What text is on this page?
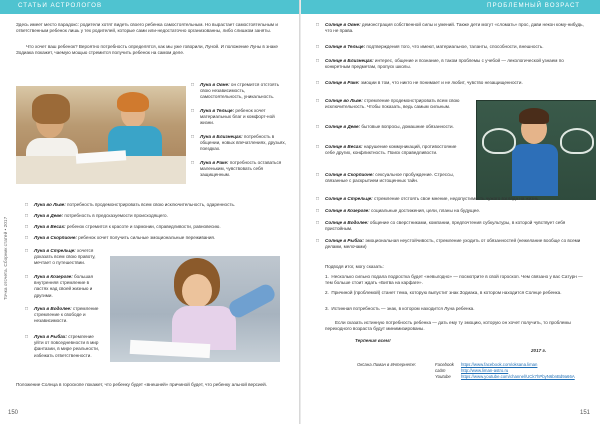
СТАТЬИ АСТРОЛОГОВ
Здесь имеет место парадокс: родители хотят видеть своего ребенка самостоятельным. Но выраcтает самостоятельным и ответственным ребенок лишь у тех родителей, которые сами или-недостаточно организованны, либо слишком заняты.
Что хочет ваш ребенок? Вероятно потребность определятся, как мы уже говорили, Луной. И положение Луны в знаке Зодиака покажет, чаемую мощью стремится получить ребенок на самом деле.
□ Луна в Овне: он стремится отстоять свою независимость, самостоятельность, уникальность.
□ Луна в Тельце: ребенок хочет материальных благ и комфорт-ной жизни.
□ Луна в Близнецах: потребность в общении, новых впечатлениях, друзьях, поездках.
□ Луна в Раке: потребность оставаться маленьким, чувствовать себя защищенным.
□ Луна во Льве: потребность продемонстрировать всем свою исключительность, одаренность.
□ Луна в Деве: потребность в предсказуемости происходящего.
□ Луна в Весах: ребенок стремится к красоте и гармонии, справедливости, равновесию.
□ Луна в Скорпионе: ребенок хочет получить сильные эмоциональные переживания.
□ Луна в Стрельце: хочется доказать всем свою правоту, мечтает о путешествии.
□ Луна в Козероге: большая внутренняя стремление в ластях над своей жизнью и другими.
□ Луна в Водолее: стремление стремление к свободе и независимости.
□ Луна в Рыбах: стремление уйти от повседневности в мир фантазии, в мире реальности, избежать ответственности.
Положение Солнца в гороскопе покажет, что ребенку будет «внешней» причиной будет, что ребенку альной версией.
150
Точка отсчета. Сборник статей • 2017
ПРОБЛЕМНЫЙ ВОЗРАСТ
□ Солнце в Овне: демонстрация собственной силы и умений. Также дети могут «сломать» прос, дави некон кому-нибудь, что не права.
□ Солнце в Тельце: подтверждения того, что имеют, материальное, таланты, способности, внешность.
□ Солнце в Близнецах: интерес, общение и познание, в таком проблемы с учебой — лекологической узнаем по конкретным предметам, пропуск школы.
□ Солнце в Раке: эмоции в том, что никто не понимает и не любит, чувство незащищенности.
□ Солнце во Льве: стремление продемонстрировать всем свою исключительность. Чтобы показать, ведь самым сильным.
□ Солнце в Деве: бытовые вопросы, домашние обязанности.
□ Солнце в Весах: нарушение коммуникаций, противостояние себе других, конфликтность. Поиск справедливости.
□ Солнце в Скорпионе: сексуальное пробуждение. Стрессы, связанные с раскрытием истощенных тайн.
□ Солнце в Стрельце: стремление отстоять свое мнение, недопустимость чужого взгляда на жизнь.
□ Солнце в Козероге: социальные достижения, цели, планы на будущее.
□ Солнце в Водолее: общение со сверстниками, компании, предпочтения субкультуры, в которой чувствует себя пристойным.
□ Солнце в Рыбах: эмоциональная неустойчивость, стремление уходить от обязанностей (нежелание вообще со всеми делами, мелочами)
Подводя итог, могу сказать:
1.  Несколько сильно подала подростка будет «невыгодно» — посмотрите в свой гороскоп. Чем связано у вас Сатурн — тем больше стоит ждать «Битва на карфаге».
2.  Причиной (проблемой) станет тема, которую выпустит знак Зодиака, в котором находится Солнце ребенка.
3.  Истинная потребность — знак, в котором находится Луна ребенка.
Если сказать истинную потребность ребенка — дать ему ту эмоцию, которую он хочет получить, то проблемы переходного возраста будут минимизированы.
Терпения всем!
2017 г.
Оксана Лиман в Интернете:	Facebook https://www.facebook.com/oksana.liman
сайт	http://www.liman-astro.ru
Youtube https://www.youtube.com/channel/UCk7hPbyN6bnBd9a66A
151
